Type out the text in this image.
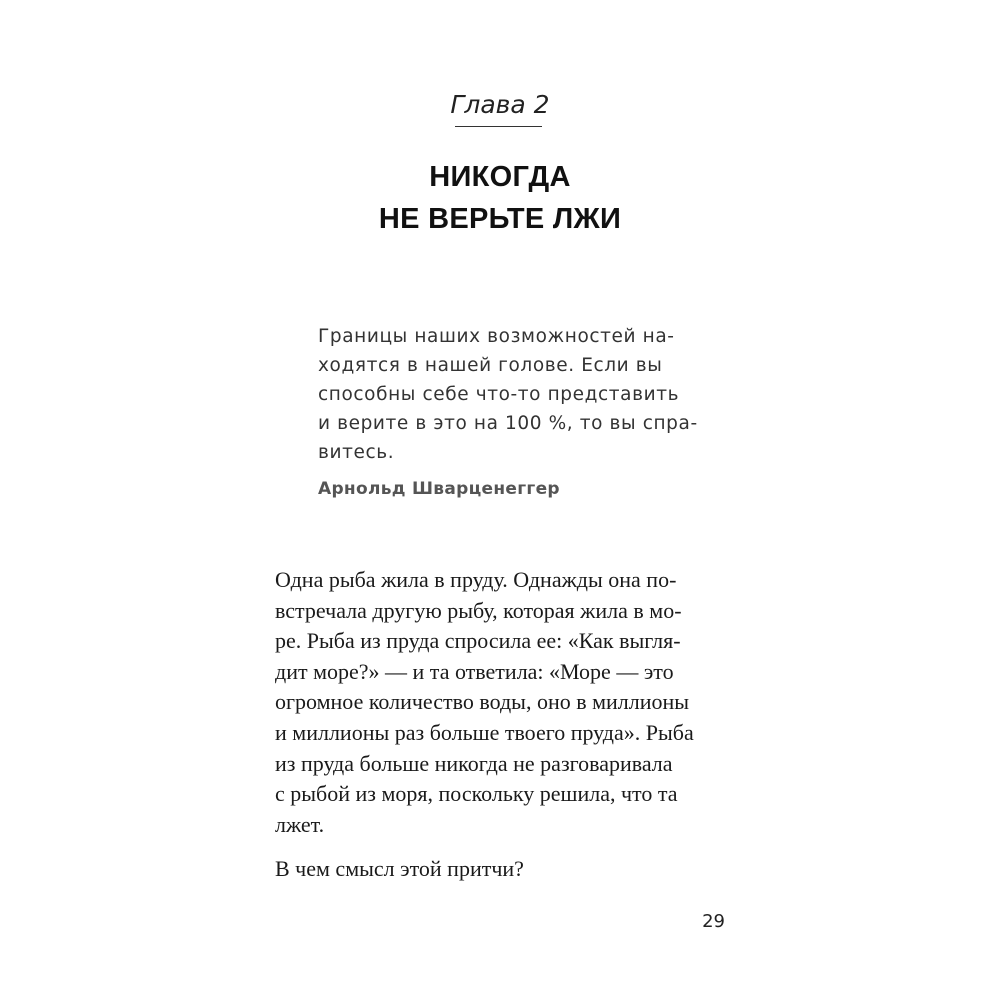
Глава 2
НИКОГДА
НЕ ВЕРЬТЕ ЛЖИ
Границы наших возможностей на-
ходятся в нашей голове. Если вы
способны себе что-то представить
и верите в это на 100 %, то вы спра-
витесь.
Арнольд Шварценеггер
Одна рыба жила в пруду. Однажды она по-
встречала другую рыбу, которая жила в мо-
ре. Рыба из пруда спросила ее: «Как выгля-
дит море?» — и та ответила: «Море — это
огромное количество воды, оно в миллионы
и миллионы раз больше твоего пруда». Рыба
из пруда больше никогда не разговаривала
с рыбой из моря, поскольку решила, что та
лжет.
В чем смысл этой притчи?
29
